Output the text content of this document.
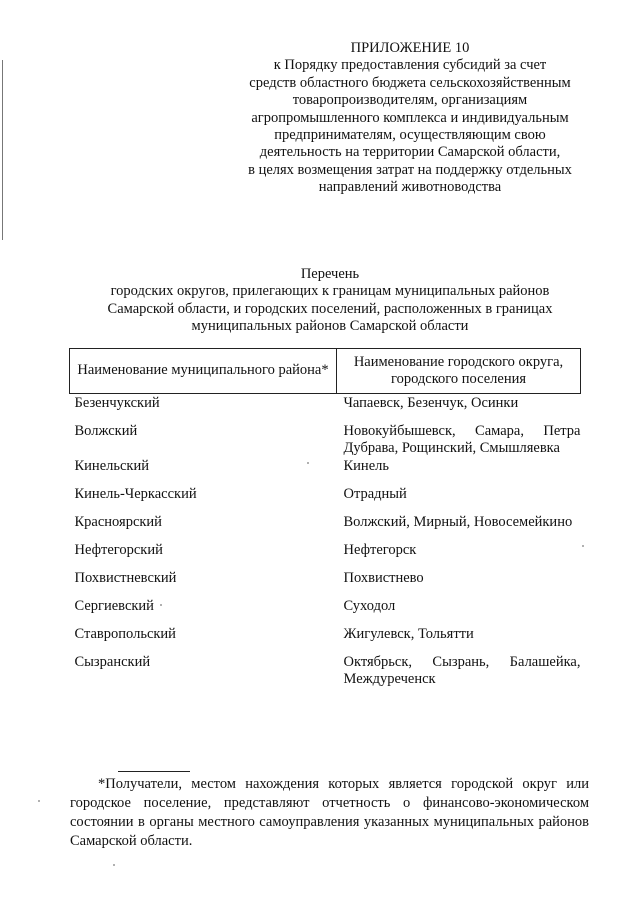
ПРИЛОЖЕНИЕ 10
к Порядку предоставления субсидий за счет
средств областного бюджета сельскохозяйственным
товаропроизводителям, организациям
агропромышленного комплекса и индивидуальным
предпринимателям, осуществляющим свою
деятельность на территории Самарской области,
в целях возмещения затрат на поддержку отдельных
направлений животноводства
Перечень
городских округов, прилегающих к границам муниципальных районов
Самарской области, и городских поселений, расположенных в границах
муниципальных районов Самарской области
Наименование муниципального района*	Наименование городского округа, городского поселения
Безенчукский	Чапаевск, Безенчук, Осинки
Волжский	Новокуйбышевск, Самара, Петра Дубрава, Рощинский, Смышляевка
Кинельский	Кинель
Кинель-Черкасский	Отрадный
Красноярский	Волжский, Мирный, Новосемейкино
Нефтегорский	Нефтегорск
Похвистневский	Похвистнево
Сергиевский	Суходол
Ставропольский	Жигулевск, Тольятти
Сызранский	Октябрьск, Сызрань, Балашейка, Междуреченск
*Получатели, местом нахождения которых является городской округ или городское поселение, представляют отчетность о финансово-экономическом состоянии в органы местного самоуправления указанных муниципальных районов Самарской области.
